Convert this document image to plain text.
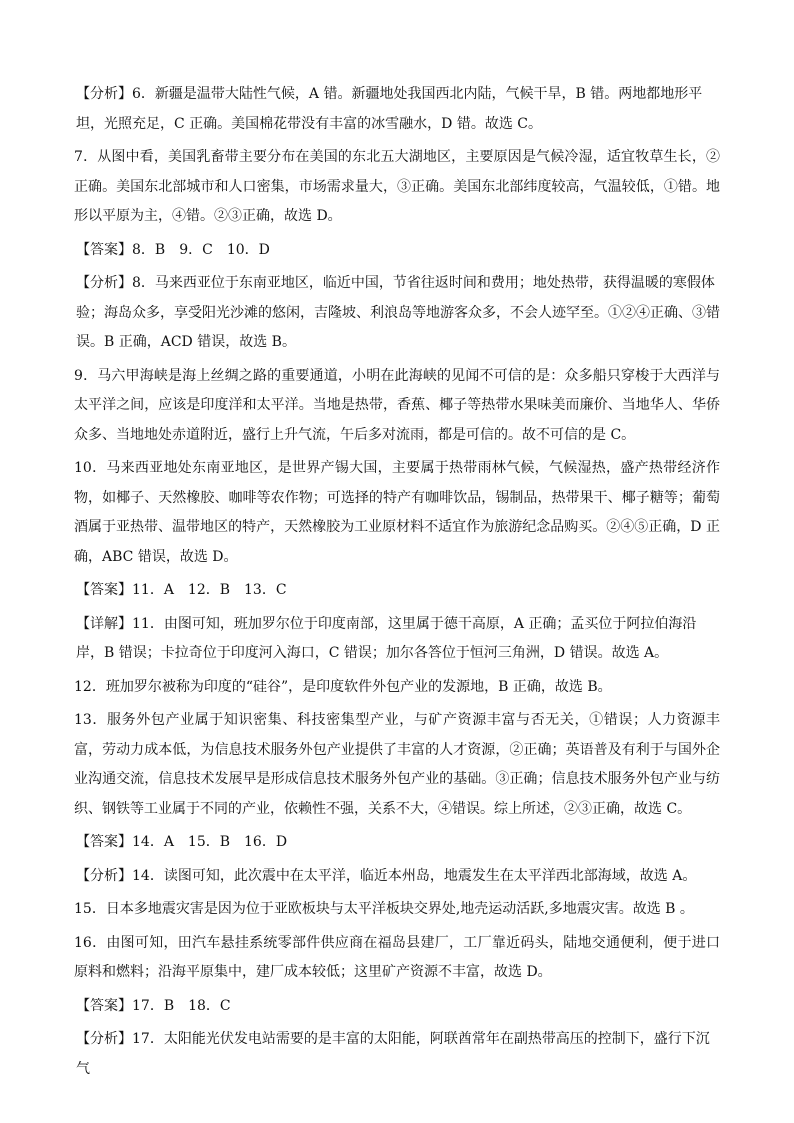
【分析】6．新疆是温带大陆性气候，A 错。新疆地处我国西北内陆，气候干旱，B 错。两地都地形平坦，光照充足，C 正确。美国棉花带没有丰富的冰雪融水，D 错。故选 C。

7．从图中看，美国乳畜带主要分布在美国的东北五大湖地区，主要原因是气候冷湿，适宜牧草生长，②正确。美国东北部城市和人口密集，市场需求量大，③正确。美国东北部纬度较高，气温较低，①错。地形以平原为主，④错。②③正确，故选 D。

【答案】8．B　9．C　10．D

【分析】8．马来西亚位于东南亚地区，临近中国，节省往返时间和费用；地处热带，获得温暖的寒假体验；海岛众多，享受阳光沙滩的悠闲，吉隆坡、利浪岛等地游客众多，不会人迹罕至。①②④正确、③错误。B 正确，ACD 错误，故选 B。

9．马六甲海峡是海上丝绸之路的重要通道，小明在此海峡的见闻不可信的是：众多船只穿梭于大西洋与太平洋之间，应该是印度洋和太平洋。当地是热带，香蕉、椰子等热带水果味美而廉价、当地华人、华侨众多、当地地处赤道附近，盛行上升气流，午后多对流雨，都是可信的。故不可信的是 C。

10．马来西亚地处东南亚地区，是世界产锡大国，主要属于热带雨林气候，气候湿热，盛产热带经济作物，如椰子、天然橡胶、咖啡等农作物；可选择的特产有咖啡饮品，锡制品，热带果干、椰子糖等；葡萄酒属于亚热带、温带地区的特产，天然橡胶为工业原材料不适宜作为旅游纪念品购买。②④⑤正确，D 正确，ABC 错误，故选 D。

【答案】11．A　12．B　13．C

【详解】11．由图可知，班加罗尔位于印度南部，这里属于德干高原，A 正确；孟买位于阿拉伯海沿岸，B 错误；卡拉奇位于印度河入海口，C 错误；加尔各答位于恒河三角洲，D 错误。故选 A。

12．班加罗尔被称为印度的“硅谷”，是印度软件外包产业的发源地，B 正确，故选 B。

13．服务外包产业属于知识密集、科技密集型产业，与矿产资源丰富与否无关，①错误；人力资源丰富，劳动力成本低，为信息技术服务外包产业提供了丰富的人才资源，②正确；英语普及有利于与国外企业沟通交流，信息技术发展早是形成信息技术服务外包产业的基础。③正确；信息技术服务外包产业与纺织、钢铁等工业属于不同的产业，依赖性不强，关系不大，④错误。综上所述，②③正确，故选 C。

【答案】14．A　15．B　16．D

【分析】14．读图可知，此次震中在太平洋，临近本州岛，地震发生在太平洋西北部海域，故选 A。

15．日本多地震灾害是因为位于亚欧板块与太平洋板块交界处,地壳运动活跃,多地震灾害。故选 B 。

16．由图可知，田汽车悬挂系统零部件供应商在福岛县建厂，工厂靠近码头，陆地交通便利，便于进口原料和燃料；沿海平原集中，建厂成本较低；这里矿产资源不丰富，故选 D。

【答案】17．B　18．C

【分析】17．太阳能光伏发电站需要的是丰富的太阳能，阿联酋常年在副热带高压的控制下，盛行下沉气
